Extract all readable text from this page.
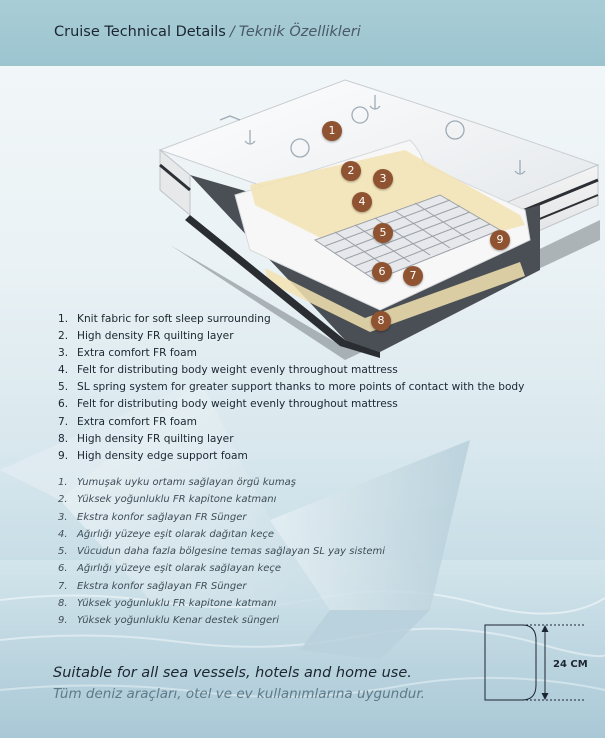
Cruise Technical Details / Teknik Özellikleri
1
2
3
4
5
6	7
8
9
1. Knit fabric for soft sleep surrounding
2. High density FR quilting layer
3. Extra comfort FR foam
4. Felt for distributing body weight evenly throughout mattress
5. SL spring system for greater support thanks to more points of contact with the body
6. Felt for distributing body weight evenly throughout mattress
7. Extra comfort FR foam
8. High density FR quilting layer
9. High density edge support foam
1. Yumuşak uyku ortamı sağlayan örgü kumaş
2. Yüksek yoğunluklu FR kapitone katmanı
3. Ekstra konfor sağlayan FR Sünger
4. Ağırlığı yüzeye eşit olarak dağıtan keçe
5. Vücudun daha fazla bölgesine temas sağlayan SL yay sistemi
6. Ağırlığı yüzeye eşit olarak sağlayan keçe
7. Ekstra konfor sağlayan FR Sünger
8. Yüksek yoğunluklu FR kapitone katmanı
9. Yüksek yoğunluklu Kenar destek süngeri
Suitable for all sea vessels, hotels and home use.
Tüm deniz araçları, otel ve ev kullanımlarına uygundur.
24 CM
